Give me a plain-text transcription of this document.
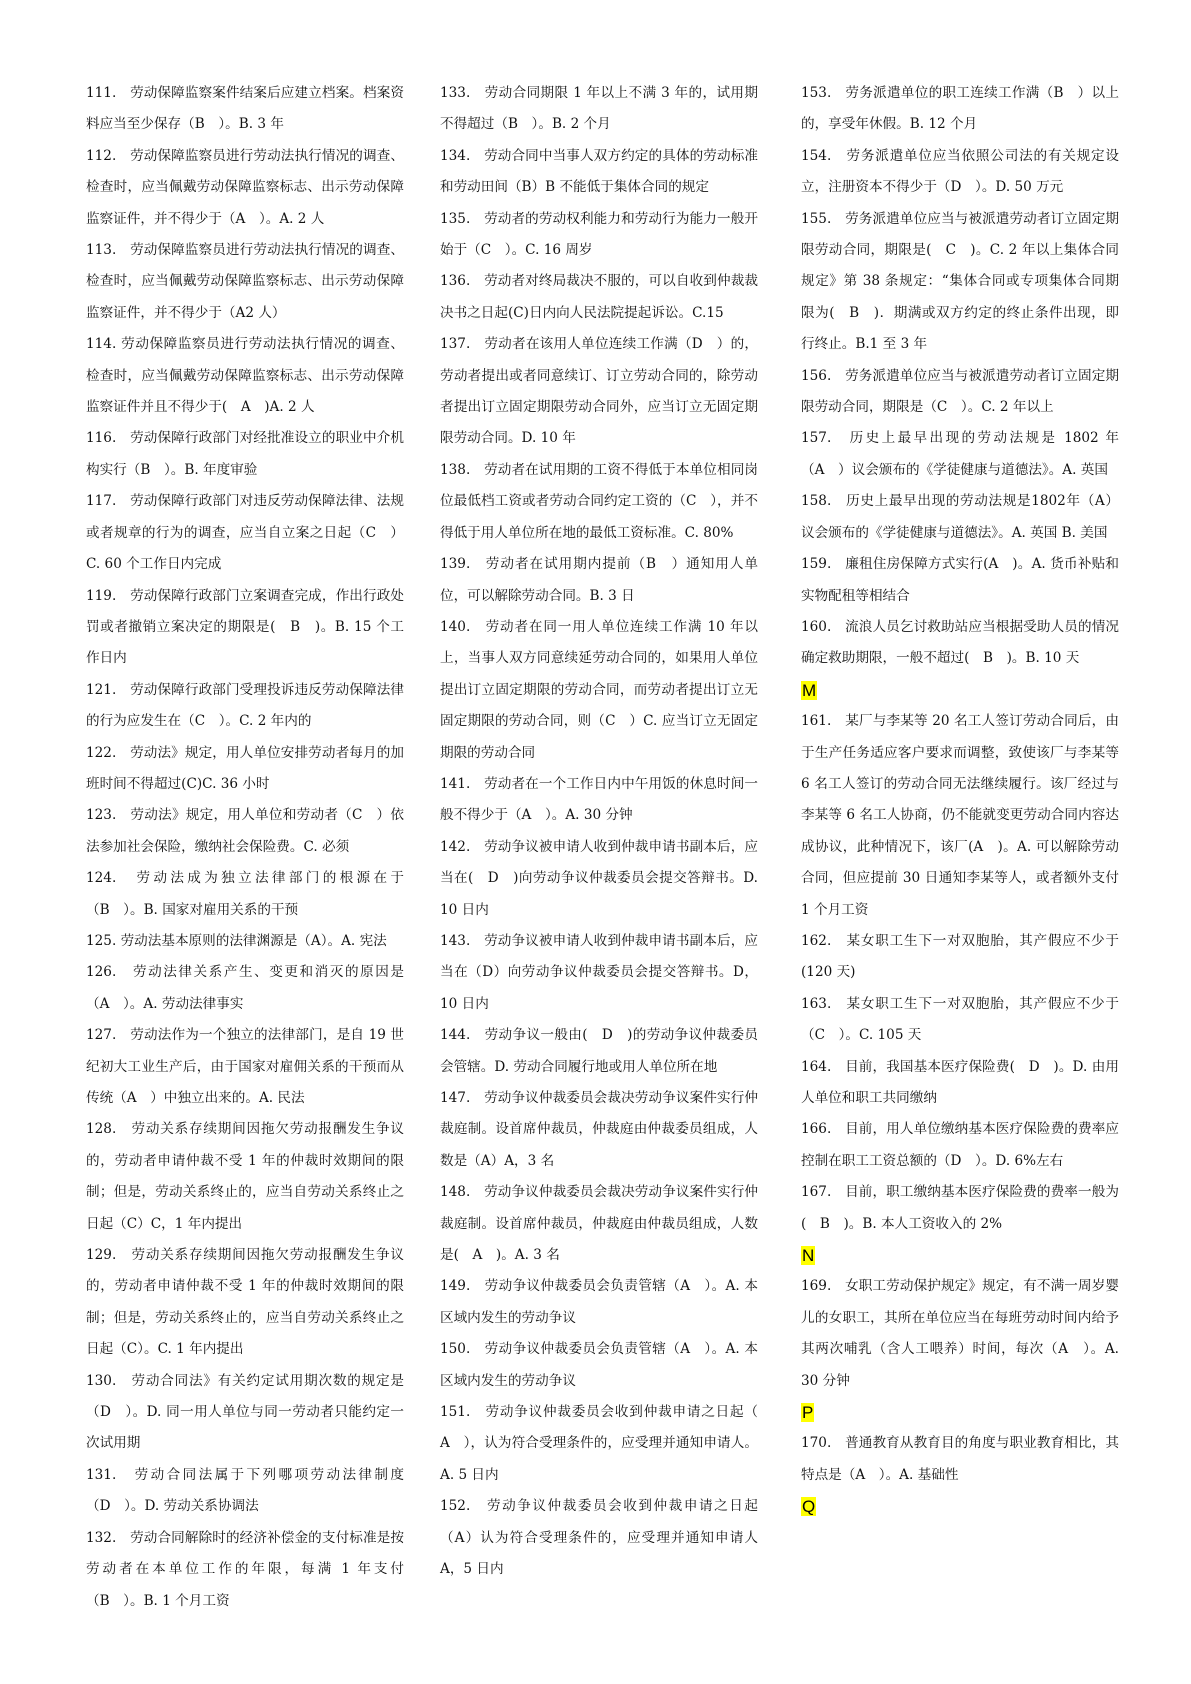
111.　劳动保障监察案件结案后应建立档案。档案资料应当至少保存（B　）。B. 3 年

112.　劳动保障监察员进行劳动法执行情况的调查、检查时，应当佩戴劳动保障监察标志、出示劳动保障监察证件，并不得少于（A　）。A. 2 人

113.　劳动保障监察员进行劳动法执行情况的调查、检查时，应当佩戴劳动保障监察标志、出示劳动保障监察证件，并不得少于（A2 人）

114. 劳动保障监察员进行劳动法执行情况的调查、检查时，应当佩戴劳动保障监察标志、出示劳动保障监察证件并且不得少于(　A　)A. 2 人

116.　劳动保障行政部门对经批准设立的职业中介机构实行（B　）。B. 年度审验

117.　劳动保障行政部门对违反劳动保障法律、法规或者规章的行为的调查，应当自立案之日起（C　）C. 60 个工作日内完成

119.　劳动保障行政部门立案调查完成，作出行政处罚或者撤销立案决定的期限是(　B　)。B. 15 个工作日内

121.　劳动保障行政部门受理投诉违反劳动保障法律的行为应发生在（C　）。C. 2 年内的

122.　劳动法》规定，用人单位安排劳动者每月的加班时间不得超过(C)C. 36 小时

123.　劳动法》规定，用人单位和劳动者（C　）依法参加社会保险，缴纳社会保险费。C. 必须

124.　劳动法成为独立法律部门的根源在于（B　）。B. 国家对雇用关系的干预

125. 劳动法基本原则的法律渊源是（A）。A. 宪法

126.　劳动法律关系产生、变更和消灭的原因是（A　）。A. 劳动法律事实

127.　劳动法作为一个独立的法律部门，是自 19 世纪初大工业生产后，由于国家对雇佣关系的干预而从传统（A　）中独立出来的。A. 民法

128.　劳动关系存续期间因拖欠劳动报酬发生争议的，劳动者申请仲裁不受 1 年的仲裁时效期间的限制；但是，劳动关系终止的，应当自劳动关系终止之日起（C）C，1 年内提出

129.　劳动关系存续期间因拖欠劳动报酬发生争议的，劳动者申请仲裁不受 1 年的仲裁时效期间的限制；但是，劳动关系终止的，应当自劳动关系终止之日起（C）。C. 1 年内提出

130.　劳动合同法》有关约定试用期次数的规定是（D　）。D. 同一用人单位与同一劳动者只能约定一次试用期

131.　劳动合同法属于下列哪项劳动法律制度（D　）。D. 劳动关系协调法

132.　劳动合同解除时的经济补偿金的支付标准是按劳动者在本单位工作的年限，每满 1 年支付（B　）。B. 1 个月工资

133.　劳动合同期限 1 年以上不满 3 年的，试用期不得超过（B　）。B. 2 个月

134.　劳动合同中当事人双方约定的具体的劳动标准和劳动田间（B）B 不能低于集体合同的规定

135.　劳动者的劳动权利能力和劳动行为能力一般开始于（C　）。C. 16 周岁

136.　劳动者对终局裁决不服的，可以自收到仲裁裁决书之日起(C)日内向人民法院提起诉讼。C.15

137.　劳动者在该用人单位连续工作满（D　）的，劳动者提出或者同意续订、订立劳动合同的，除劳动者提出订立固定期限劳动合同外，应当订立无固定期限劳动合同。D. 10 年

138.　劳动者在试用期的工资不得低于本单位相同岗位最低档工资或者劳动合同约定工资的（C　），并不得低于用人单位所在地的最低工资标准。C. 80%

139.　劳动者在试用期内提前（B　）通知用人单位，可以解除劳动合同。B. 3 日

140.　劳动者在同一用人单位连续工作满 10 年以上，当事人双方同意续延劳动合同的，如果用人单位提出订立固定期限的劳动合同，而劳动者提出订立无固定期限的劳动合同，则（C　）C. 应当订立无固定期限的劳动合同

141.　劳动者在一个工作日内中午用饭的休息时间一般不得少于（A　）。A. 30 分钟

142.　劳动争议被申请人收到仲裁申请书副本后，应当在(　D　)向劳动争议仲裁委员会提交答辩书。D. 10 日内

143.　劳动争议被申请人收到仲裁申请书副本后，应当在（D）向劳动争议仲裁委员会提交答辩书。D，10 日内

144.　劳动争议一般由(　D　)的劳动争议仲裁委员会管辖。D. 劳动合同履行地或用人单位所在地

147.　劳动争议仲裁委员会裁决劳动争议案件实行仲裁庭制。设首席仲裁员，仲裁庭由仲裁委员组成，人数是（A）A，3 名

148.　劳动争议仲裁委员会裁决劳动争议案件实行仲裁庭制。设首席仲裁员，仲裁庭由仲裁员组成，人数是(　A　)。A. 3 名

149.　劳动争议仲裁委员会负责管辖（A　）。A. 本区域内发生的劳动争议

150.　劳动争议仲裁委员会负责管辖（A　）。A. 本区域内发生的劳动争议

151.　劳动争议仲裁委员会收到仲裁申请之日起（　A　），认为符合受理条件的，应受理并通知申请人。A. 5 日内

152.　劳动争议仲裁委员会收到仲裁申请之日起（A）认为符合受理条件的，应受理并通知申请人 A，5 日内

153.　劳务派遣单位的职工连续工作满（B　）以上的，享受年休假。B. 12 个月

154.　劳务派遣单位应当依照公司法的有关规定设立，注册资本不得少于（D　）。D. 50 万元

155.　劳务派遣单位应当与被派遣劳动者订立固定期限劳动合同，期限是(　C　)。C. 2 年以上集体合同规定》第 38 条规定：“集体合同或专项集体合同期限为(　B　)．期满或双方约定的终止条件出现，即行终止。B.1 至 3 年

156.　劳务派遣单位应当与被派遣劳动者订立固定期限劳动合同，期限是（C　）。C. 2 年以上

157.　历史上最早出现的劳动法规是 1802 年（A　）议会颁布的《学徒健康与道德法》。A. 英国

158.　历史上最早出现的劳动法规是1802年（A）议会颁布的《学徒健康与道德法》。A. 英国 B. 美国

159.　廉租住房保障方式实行(A　)。A. 货币补贴和实物配租等相结合

160.　流浪人员乞讨救助站应当根据受助人员的情况确定救助期限，一般不超过(　B　)。B. 10 天

M

161.　某厂与李某等 20 名工人签订劳动合同后，由于生产任务适应客户要求而调整，致使该厂与李某等 6 名工人签订的劳动合同无法继续履行。该厂经过与李某等 6 名工人协商，仍不能就变更劳动合同内容达成协议，此种情况下，该厂(A　)。A. 可以解除劳动合同，但应提前 30 日通知李某等人，或者额外支付 1 个月工资

162.　某女职工生下一对双胞胎，其产假应不少于(120 天)

163.　某女职工生下一对双胞胎，其产假应不少于（C　）。C. 105 天

164.　目前，我国基本医疗保险费(　D　)。D. 由用人单位和职工共同缴纳

166.　目前，用人单位缴纳基本医疗保险费的费率应控制在职工工资总额的（D　）。D. 6%左右

167.　目前，职工缴纳基本医疗保险费的费率一般为(　B　)。B. 本人工资收入的 2%

N

169.　女职工劳动保护规定》规定，有不满一周岁婴儿的女职工，其所在单位应当在每班劳动时间内给予其两次哺乳（含人工喂养）时间，每次（A　）。A. 30 分钟

P

170.　普通教育从教育目的角度与职业教育相比，其特点是（A　）。A. 基础性

Q
